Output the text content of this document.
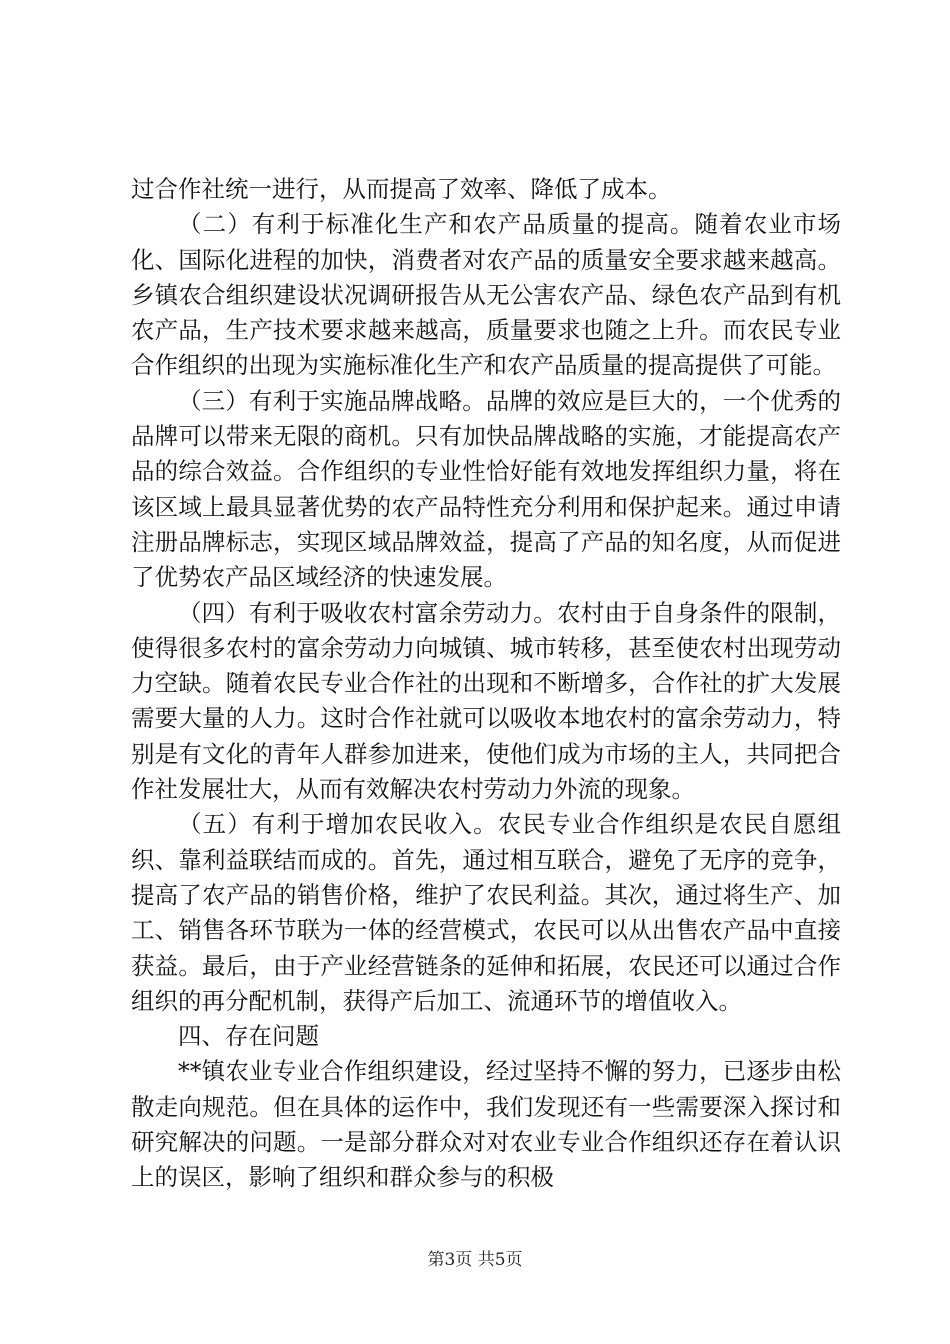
过合作社统一进行，从而提高了效率、降低了成本。

（二）有利于标准化生产和农产品质量的提高。随着农业市场化、国际化进程的加快，消费者对农产品的质量安全要求越来越高。乡镇农合组织建设状况调研报告从无公害农产品、绿色农产品到有机农产品，生产技术要求越来越高，质量要求也随之上升。而农民专业合作组织的出现为实施标准化生产和农产品质量的提高提供了可能。

（三）有利于实施品牌战略。品牌的效应是巨大的，一个优秀的品牌可以带来无限的商机。只有加快品牌战略的实施，才能提高农产品的综合效益。合作组织的专业性恰好能有效地发挥组织力量，将在该区域上最具显著优势的农产品特性充分利用和保护起来。通过申请注册品牌标志，实现区域品牌效益，提高了产品的知名度，从而促进了优势农产品区域经济的快速发展。

（四）有利于吸收农村富余劳动力。农村由于自身条件的限制，使得很多农村的富余劳动力向城镇、城市转移，甚至使农村出现劳动力空缺。随着农民专业合作社的出现和不断增多，合作社的扩大发展需要大量的人力。这时合作社就可以吸收本地农村的富余劳动力，特别是有文化的青年人群参加进来，使他们成为市场的主人，共同把合作社发展壮大，从而有效解决农村劳动力外流的现象。

（五）有利于增加农民收入。农民专业合作组织是农民自愿组织、靠利益联结而成的。首先，通过相互联合，避免了无序的竞争，提高了农产品的销售价格，维护了农民利益。其次，通过将生产、加工、销售各环节联为一体的经营模式，农民可以从出售农产品中直接获益。最后，由于产业经营链条的延伸和拓展，农民还可以通过合作组织的再分配机制，获得产后加工、流通环节的增值收入。

四、存在问题

**镇农业专业合作组织建设，经过坚持不懈的努力，已逐步由松散走向规范。但在具体的运作中，我们发现还有一些需要深入探讨和研究解决的问题。一是部分群众对对农业专业合作组织还存在着认识上的误区，影响了组织和群众参与的积极

第3页 共5页
